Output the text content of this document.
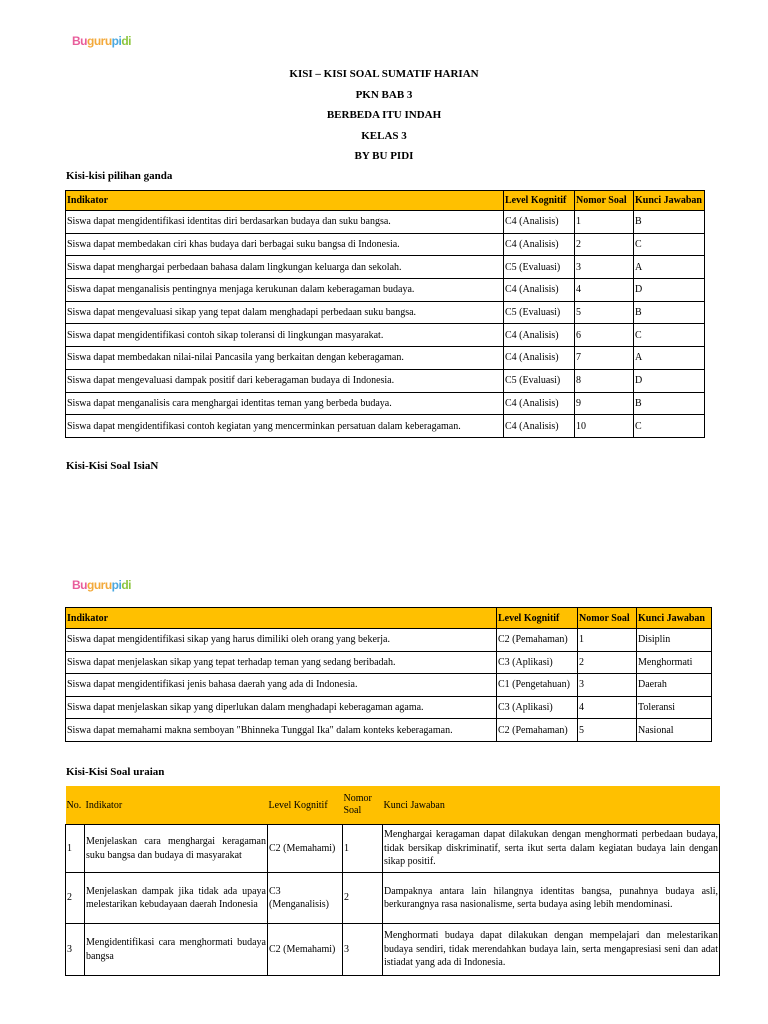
Bu guru pi di
KISI – KISI SOAL SUMATIF HARIAN
PKN BAB 3
BERBEDA ITU INDAH
KELAS 3
BY BU PIDI
Kisi-kisi pilihan ganda
Indikator	Level Kognitif	Nomor Soal	Kunci Jawaban
Siswa dapat mengidentifikasi identitas diri berdasarkan budaya dan suku bangsa.	C4 (Analisis)	1	B
Siswa dapat membedakan ciri khas budaya dari berbagai suku bangsa di Indonesia.	C4 (Analisis)	2	C
Siswa dapat menghargai perbedaan bahasa dalam lingkungan keluarga dan sekolah.	C5 (Evaluasi)	3	A
Siswa dapat menganalisis pentingnya menjaga kerukunan dalam keberagaman budaya.	C4 (Analisis)	4	D
Siswa dapat mengevaluasi sikap yang tepat dalam menghadapi perbedaan suku bangsa.	C5 (Evaluasi)	5	B
Siswa dapat mengidentifikasi contoh sikap toleransi di lingkungan masyarakat.	C4 (Analisis)	6	C
Siswa dapat membedakan nilai-nilai Pancasila yang berkaitan dengan keberagaman.	C4 (Analisis)	7	A
Siswa dapat mengevaluasi dampak positif dari keberagaman budaya di Indonesia.	C5 (Evaluasi)	8	D
Siswa dapat menganalisis cara menghargai identitas teman yang berbeda budaya.	C4 (Analisis)	9	B
Siswa dapat mengidentifikasi contoh kegiatan yang mencerminkan persatuan dalam keberagaman.	C4 (Analisis)	10	C
Kisi-Kisi Soal IsiaN
Bu guru pi di
Indikator	Level Kognitif	Nomor Soal	Kunci Jawaban
Siswa dapat mengidentifikasi sikap yang harus dimiliki oleh orang yang bekerja.	C2 (Pemahaman)	1	Disiplin
Siswa dapat menjelaskan sikap yang tepat terhadap teman yang sedang beribadah.	C3 (Aplikasi)	2	Menghormati
Siswa dapat mengidentifikasi jenis bahasa daerah yang ada di Indonesia.	C1 (Pengetahuan)	3	Daerah
Siswa dapat menjelaskan sikap yang diperlukan dalam menghadapi keberagaman agama.	C3 (Aplikasi)	4	Toleransi
Siswa dapat memahami makna semboyan "Bhinneka Tunggal Ika" dalam konteks keberagaman.	C2 (Pemahaman)	5	Nasional
Kisi-Kisi Soal uraian
No.	Indikator	Level Kognitif	Nomor Soal	Kunci Jawaban
1	Menjelaskan cara menghargai keragaman suku bangsa dan budaya di masyarakat	C2 (Memahami)	1	Menghargai keragaman dapat dilakukan dengan menghormati perbedaan budaya, tidak bersikap diskriminatif, serta ikut serta dalam kegiatan budaya lain dengan sikap positif.
2	Menjelaskan dampak jika tidak ada upaya melestarikan kebudayaan daerah Indonesia	C3 (Menganalisis)	2	Dampaknya antara lain hilangnya identitas bangsa, punahnya budaya asli, berkurangnya rasa nasionalisme, serta budaya asing lebih mendominasi.
3	Mengidentifikasi cara menghormati budaya bangsa	C2 (Memahami)	3	Menghormati budaya dapat dilakukan dengan mempelajari dan melestarikan budaya sendiri, tidak merendahkan budaya lain, serta mengapresiasi seni dan adat istiadat yang ada di Indonesia.
